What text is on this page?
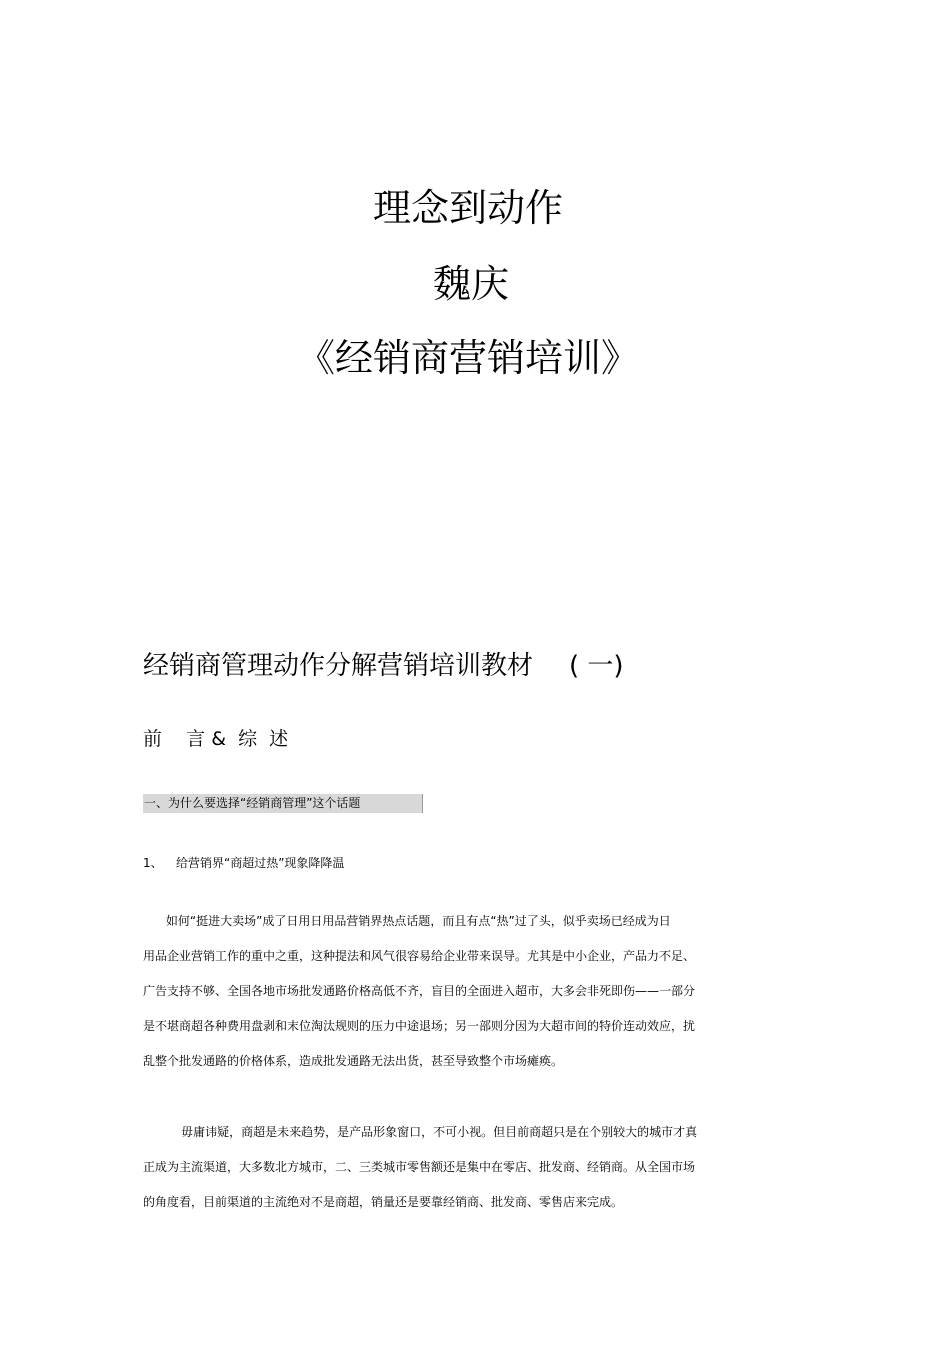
理念到动作
魏庆
《经销商营销培训》
经销商管理动作分解营销培训教材 ( 一)
前    言 &  综  述
一、为什么要选择“经销商管理”这个话题
1、 给营销界“商超过热”现象降降温
如何“挺进大卖场”成了日用日用品营销界热点话题，而且有点“热”过了头，似乎卖场已经成为日
用品企业营销工作的重中之重，这种提法和风气很容易给企业带来误导。尤其是中小企业，产品力不足、
广告支持不够、全国各地市场批发通路价格高低不齐，盲目的全面进入超市，大多会非死即伤——一部分
是不堪商超各种费用盘剥和末位淘汰规则的压力中途退场；另一部则分因为大超市间的特价连动效应，扰
乱整个批发通路的价格体系，造成批发通路无法出货，甚至导致整个市场瘫痪。
毋庸讳疑，商超是未来趋势，是产品形象窗口，不可小视。但目前商超只是在个别较大的城市才真
正成为主流渠道，大多数北方城市，二、三类城市零售额还是集中在零店、批发商、经销商。从全国市场
的角度看，目前渠道的主流绝对不是商超，销量还是要靠经销商、批发商、零售店来完成。
